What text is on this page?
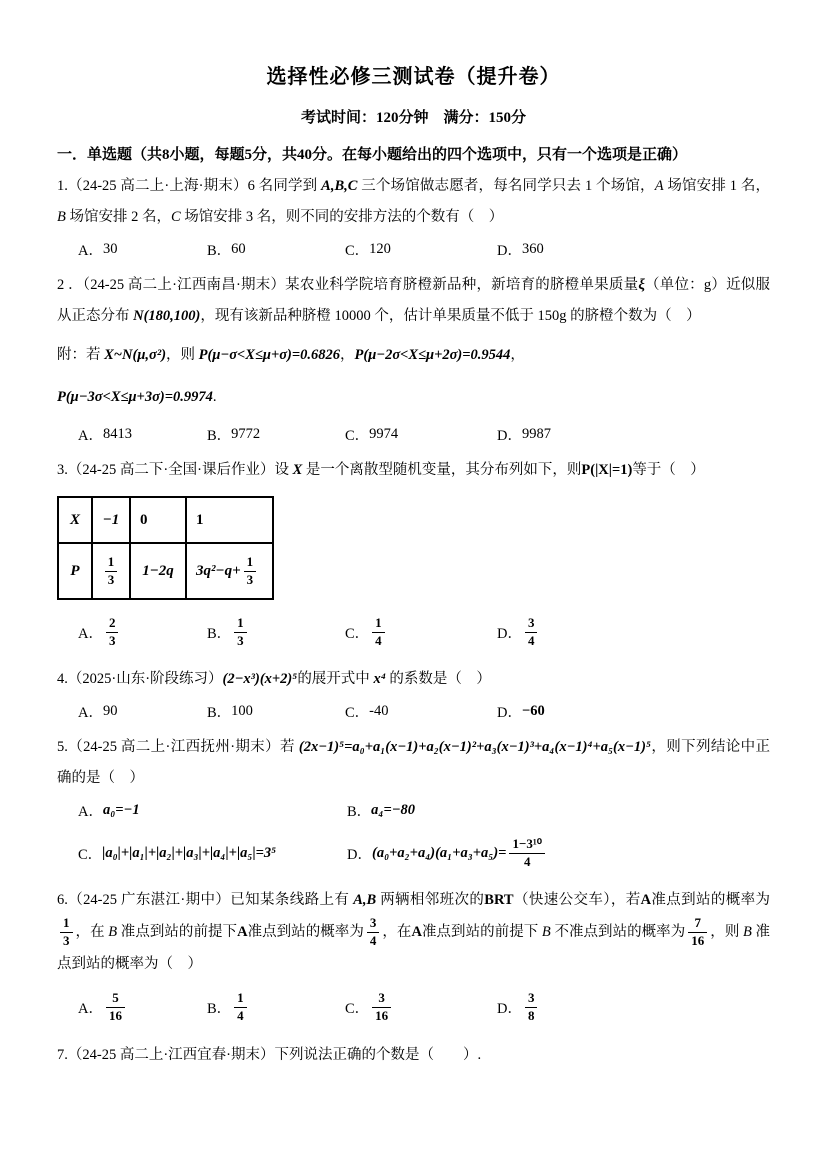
选择性必修三测试卷（提升卷）
考试时间：120分钟　满分：150分
一．单选题（共8小题，每题5分，共40分。在每小题给出的四个选项中，只有一个选项是正确）

1.（24-25 高二上·上海·期末）6 名同学到 A,B,C 三个场馆做志愿者，每名同学只去 1 个场馆，A 场馆安排 1 名，B 场馆安排 2 名，C 场馆安排 3 名，则不同的安排方法的个数有（　）

A． 30	B． 60	C． 120	D． 360

2 ．（24-25 高二上·江西南昌·期末）某农业科学院培育脐橙新品种，新培育的脐橙单果质量ξ（单位：g）近似服从正态分布 N(180,100)，现有该新品种脐橙 10000 个，估计单果质量不低于 150g 的脐橙个数为（　）

附：若 X~N(μ,σ²)，则 P(μ−σ<X≤μ+σ)=0.6826，P(μ−2σ<X≤μ+2σ)=0.9544，
P(μ−3σ<X≤μ+3σ)=0.9974.

A． 8413	B． 9772	C． 9974	D． 9987

3.（24-25 高二下·全国·课后作业）设 X 是一个离散型随机变量，其分布列如下，则P(|X|=1)等于（　）

X	−1	0	1
P	$\frac{1}{3}$	1−2q	$3q^2-q+ \frac{1}{3}$
A． $\frac{2}{3}$	B． $\frac{1}{3}$	C． $\frac{1}{4}$	D． $\frac{3}{4}$

4.（2025·山东·阶段练习）(2−x³)(x+2)⁵的展开式中 x⁴ 的系数是（　）

A． 90	B． 100	C． -40	D． −60

5.（24-25 高二上·江西抚州·期末）若 (2x−1)⁵=a₀+a₁(x−1)+a₂(x−1)²+a₃(x−1)³+a₄(x−1)⁴+a₅(x−1)⁵，则下列结论中正确的是（　）

A． a₀=−1	B． a₄=−80
C． |a₀|+|a₁|+|a₂|+|a₃|+|a₄|+|a₅|=3⁵	D． $(a_0+a_2+a_4)(a_1+a_3+a_5)= \frac{\text{1−3¹⁰}}{4}$

6.（24-25 广东湛江·期中）已知某条线路上有 A,B 两辆相邻班次的BRT（快速公交车），若A准点到站的概率为
$\frac{1}{3}$ ，在 B 准点到站的前提下A准点到站的概率为 $\frac{3}{4}$ ，在A准点到站的前提下 B 不准点到站的概率为 $\frac{7}{16}$ ，则 B 准点到站的概率为（　）

A． $\frac{5}{16}$	B． $\frac{1}{4}$	C． $\frac{3}{16}$	D． $\frac{3}{8}$

7.（24-25 高二上·江西宜春·期末）下列说法正确的个数是（　　）.
